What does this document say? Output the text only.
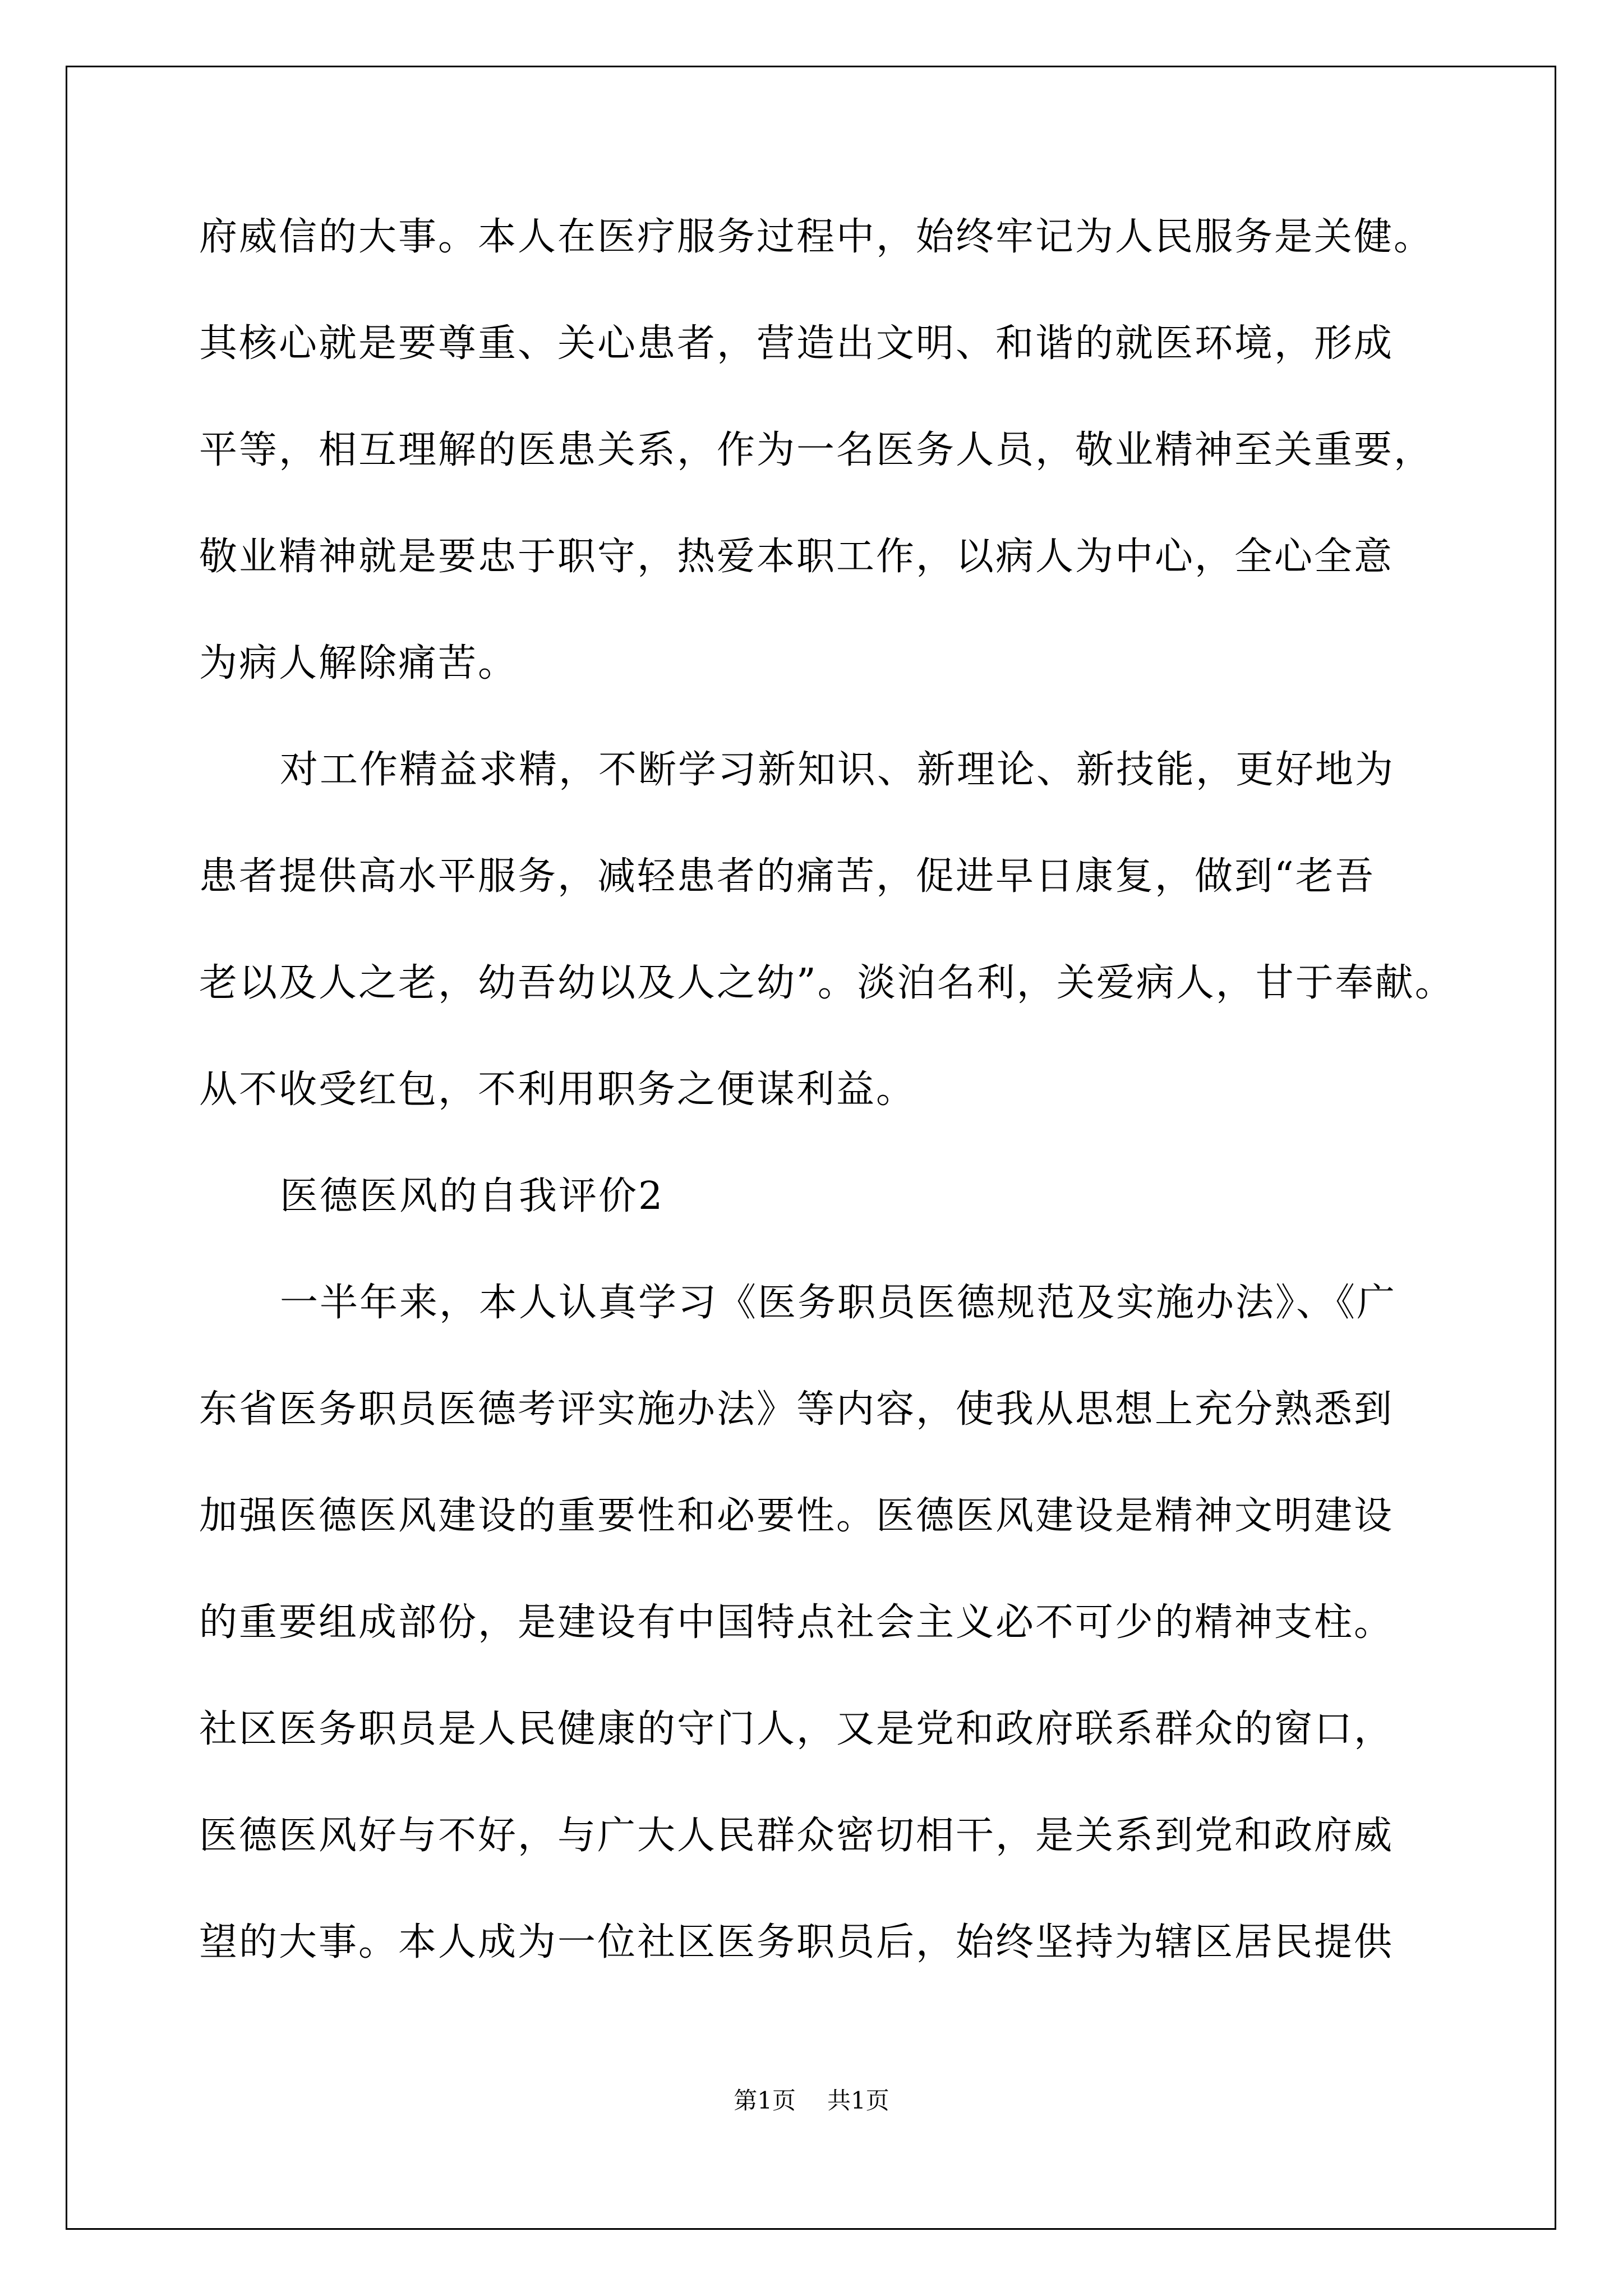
府威信的大事。本人在医疗服务过程中，始终牢记为人民服务是关健。
其核心就是要尊重、关心患者，营造出文明、和谐的就医环境，形成
平等，相互理解的医患关系，作为一名医务人员，敬业精神至关重要，
敬业精神就是要忠于职守，热爱本职工作，以病人为中心，全心全意
为病人解除痛苦。
对工作精益求精，不断学习新知识、新理论、新技能，更好地为
患者提供高水平服务，减轻患者的痛苦，促进早日康复，做到“老吾
老以及人之老，幼吾幼以及人之幼”。淡泊名利，关爱病人，甘于奉献。
从不收受红包，不利用职务之便谋利益。
医德医风的自我评价2
一半年来，本人认真学习《医务职员医德规范及实施办法》、《广
东省医务职员医德考评实施办法》等内容，使我从思想上充分熟悉到
加强医德医风建设的重要性和必要性。医德医风建设是精神文明建设
的重要组成部份，是建设有中国特点社会主义必不可少的精神支柱。
社区医务职员是人民健康的守门人，又是党和政府联系群众的窗口，
医德医风好与不好，与广大人民群众密切相干，是关系到党和政府威
望的大事。本人成为一位社区医务职员后，始终坚持为辖区居民提供
第1页 共1页
